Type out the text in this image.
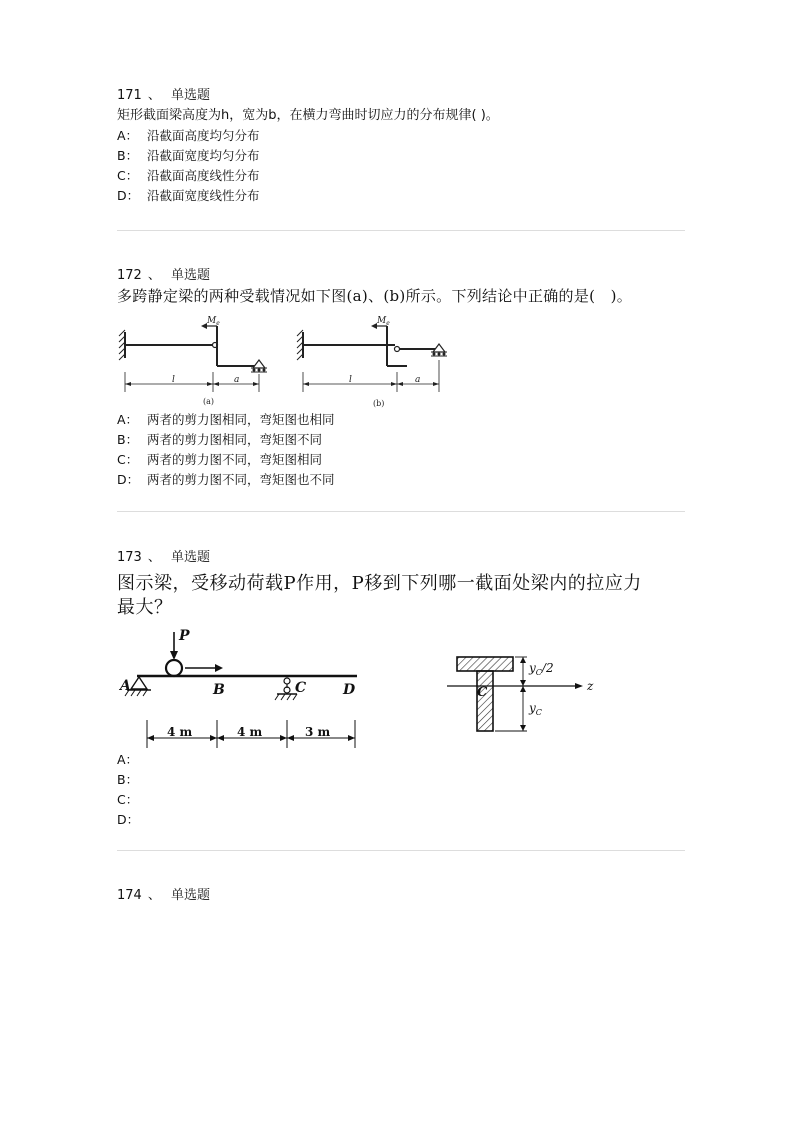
171 、 单选题
矩形截面梁高度为h，宽为b，在横力弯曲时切应力的分布规律( )。
A： 沿截面高度均匀分布
B： 沿截面宽度均匀分布
C： 沿截面高度线性分布
D： 沿截面宽度线性分布
172 、 单选题
多跨静定梁的两种受载情况如下图(a)、(b)所示。下列结论中正确的是(　)。
$M_e$
l	a
(a)
$M_e$
l	a
(b)
A： 两者的剪力图相同，弯矩图也相同
B： 两者的剪力图相同，弯矩图不同
C： 两者的剪力图不同，弯矩图相同
D： 两者的剪力图不同，弯矩图也不同
173 、 单选题
图示梁，受移动荷载P作用，P移到下列哪一截面处梁内的拉应力
最大？
P
A	B	C	D
4 m	4 m	3 m
C
$y_C/2$
$y_C$
z
A：
B：
C：
D：
174 、 单选题
